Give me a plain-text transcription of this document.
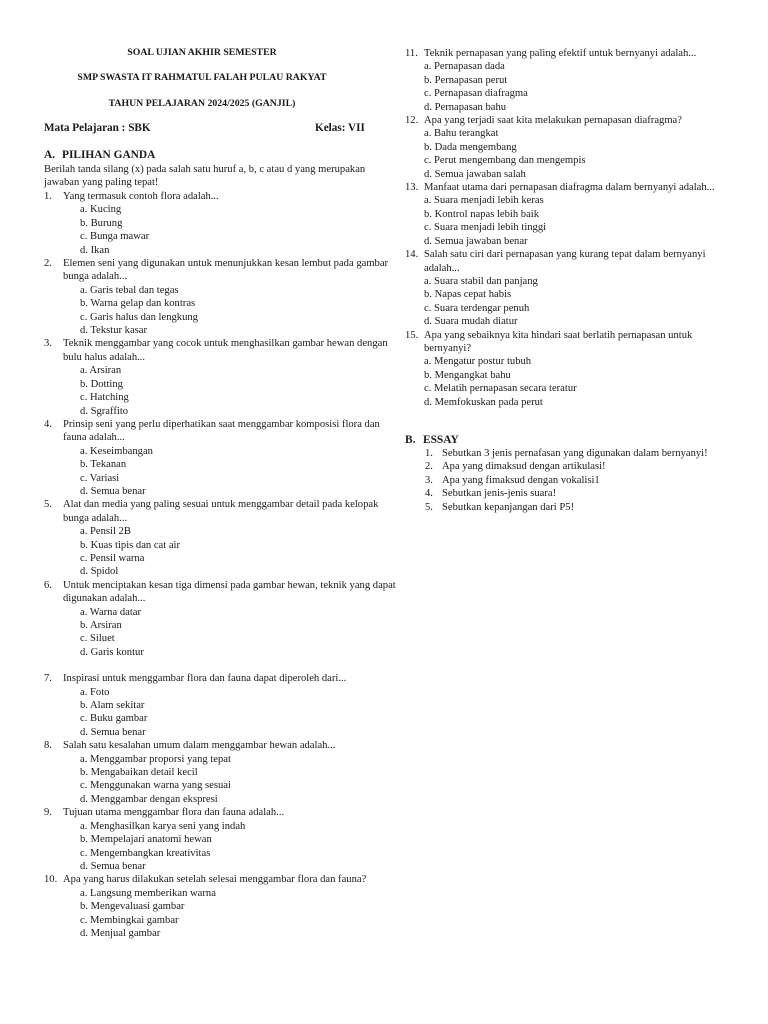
SOAL UJIAN AKHIR SEMESTER
SMP SWASTA IT RAHMATUL FALAH PULAU RAKYAT
TAHUN PELAJARAN 2024/2025 (GANJIL)
Mata Pelajaran : SBK	Kelas: VII
A. PILIHAN GANDA
Berilah tanda silang (x) pada salah satu huruf a, b, c atau d yang merupakan jawaban yang paling tepat!
1. Yang termasuk contoh flora adalah...
a. Kucing
b. Burung
c. Bunga mawar
d. Ikan
2. Elemen seni yang digunakan untuk menunjukkan kesan lembut pada gambar bunga adalah...
a. Garis tebal dan tegas
b. Warna gelap dan kontras
c. Garis halus dan lengkung
d. Tekstur kasar
3. Teknik menggambar yang cocok untuk menghasilkan gambar hewan dengan bulu halus adalah...
a. Arsiran
b. Dotting
c. Hatching
d. Sgraffito
4. Prinsip seni yang perlu diperhatikan saat menggambar komposisi flora dan fauna adalah...
a. Keseimbangan
b. Tekanan
c. Variasi
d. Semua benar
5. Alat dan media yang paling sesuai untuk menggambar detail pada kelopak bunga adalah...
a. Pensil 2B
b. Kuas tipis dan cat air
c. Pensil warna
d. Spidol
6. Untuk menciptakan kesan tiga dimensi pada gambar hewan, teknik yang dapat digunakan adalah...
a. Warna datar
b. Arsiran
c. Siluet
d. Garis kontur
7. Inspirasi untuk menggambar flora dan fauna dapat diperoleh dari...
a. Foto
b. Alam sekitar
c. Buku gambar
d. Semua benar
8. Salah satu kesalahan umum dalam menggambar hewan adalah...
a. Menggambar proporsi yang tepat
b. Mengabaikan detail kecil
c. Menggunakan warna yang sesuai
d. Menggambar dengan ekspresi
9. Tujuan utama menggambar flora dan fauna adalah...
a. Menghasilkan karya seni yang indah
b. Mempelajari anatomi hewan
c. Mengembangkan kreativitas
d. Semua benar
10. Apa yang harus dilakukan setelah selesai menggambar flora dan fauna?
a. Langsung memberikan warna
b. Mengevaluasi gambar
c. Membingkai gambar
d. Menjual gambar
11. Teknik pernapasan yang paling efektif untuk bernyanyi adalah...
a. Pernapasan dada
b. Pernapasan perut
c. Pernapasan diafragma
d. Pernapasan bahu
12. Apa yang terjadi saat kita melakukan pernapasan diafragma?
a. Bahu terangkat
b. Dada mengembang
c. Perut mengembang dan mengempis
d. Semua jawaban salah
13. Manfaat utama dari pernapasan diafragma dalam bernyanyi adalah...
a. Suara menjadi lebih keras
b. Kontrol napas lebih baik
c. Suara menjadi lebih tinggi
d. Semua jawaban benar
14. Salah satu ciri dari pernapasan yang kurang tepat dalam bernyanyi adalah...
a. Suara stabil dan panjang
b. Napas cepat habis
c. Suara terdengar penuh
d. Suara mudah diatur
15. Apa yang sebaiknya kita hindari saat berlatih pernapasan untuk bernyanyi?
a. Mengatur postur tubuh
b. Mengangkat bahu
c. Melatih pernapasan secara teratur
d. Memfokuskan pada perut
B. ESSAY
1. Sebutkan 3 jenis pernafasan yang digunakan dalam bernyanyi!
2. Apa yang dimaksud dengan artikulasi!
3. Apa yang fimaksud dengan vokalisi1
4. Sebutkan jenis-jenis suara!
5. Sebutkan kepanjangan dari P5!
